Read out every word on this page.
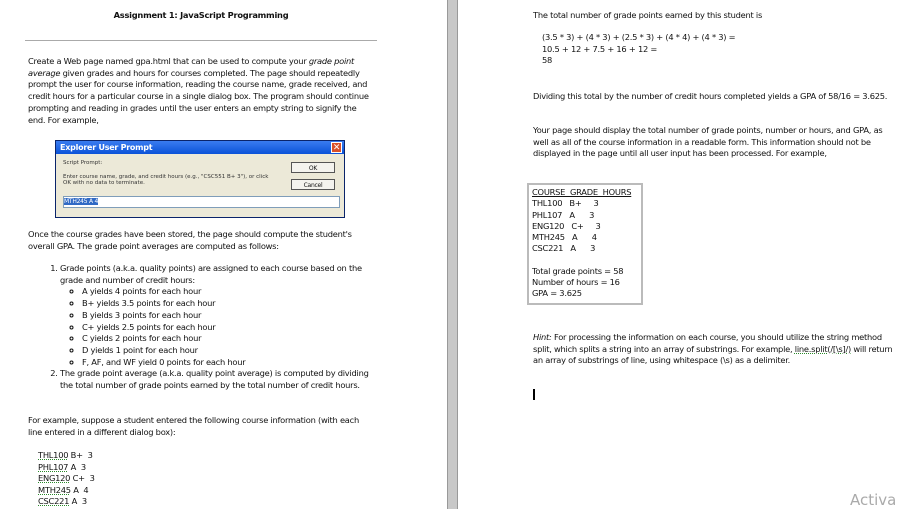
Assignment 1: JavaScript Programming
Create a Web page named gpa.html that can be used to compute your grade point average given grades and hours for courses completed. The page should repeatedly prompt the user for course information, reading the course name, grade received, and credit hours for a particular course in a single dialog box. The program should continue prompting and reading in grades until the user enters an empty string to signify the end. For example,
Explorer User Prompt	✕
Script Prompt:
Enter course name, grade, and credit hours (e.g., "CSC551 B+ 3"), or click OK with no data to terminate.
OK
Cancel
MTH245 A 4
Once the course grades have been stored, the page should compute the student's overall GPA. The grade point averages are computed as follows:
1. Grade points (a.k.a. quality points) are assigned to each course based on the grade and number of credit hours:
◦ A yields 4 points for each hour
◦ B+ yields 3.5 points for each hour
◦ B yields 3 points for each hour
◦ C+ yields 2.5 points for each hour
◦ C yields 2 points for each hour
◦ D yields 1 point for each hour
◦ F, AF, and WF yield 0 points for each hour
2. The grade point average (a.k.a. quality point average) is computed by dividing the total number of grade points earned by the total number of credit hours.
For example, suppose a student entered the following course information (with each line entered in a different dialog box):
THL100 B+ 3
PHL107 A 3
ENG120 C+ 3
MTH245 A 4
CSC221 A 3
The total number of grade points earned by this student is
(3.5 * 3) + (4 * 3) + (2.5 * 3) + (4 * 4) + (4 * 3) =
10.5 + 12 + 7.5 + 16 + 12 =
58
Dividing this total by the number of credit hours completed yields a GPA of 58/16 = 3.625.
Your page should display the total number of grade points, number or hours, and GPA, as well as all of the course information in a readable form. This information should not be displayed in the page until all user input has been processed. For example,
Hint: For processing the information on each course, you should utilize the string method split, which splits a string into an array of substrings. For example, line.split(/[\s]/) will return an array of substrings of line, using whitespace (\s) as a delimiter.
COURSE  GRADE  HOURS
THL100   B+     3
PHL107   A      3
ENG120   C+     3
MTH245   A      4
CSC221   A      3
Total grade points = 58
Number of hours = 16
GPA = 3.625
Activa
